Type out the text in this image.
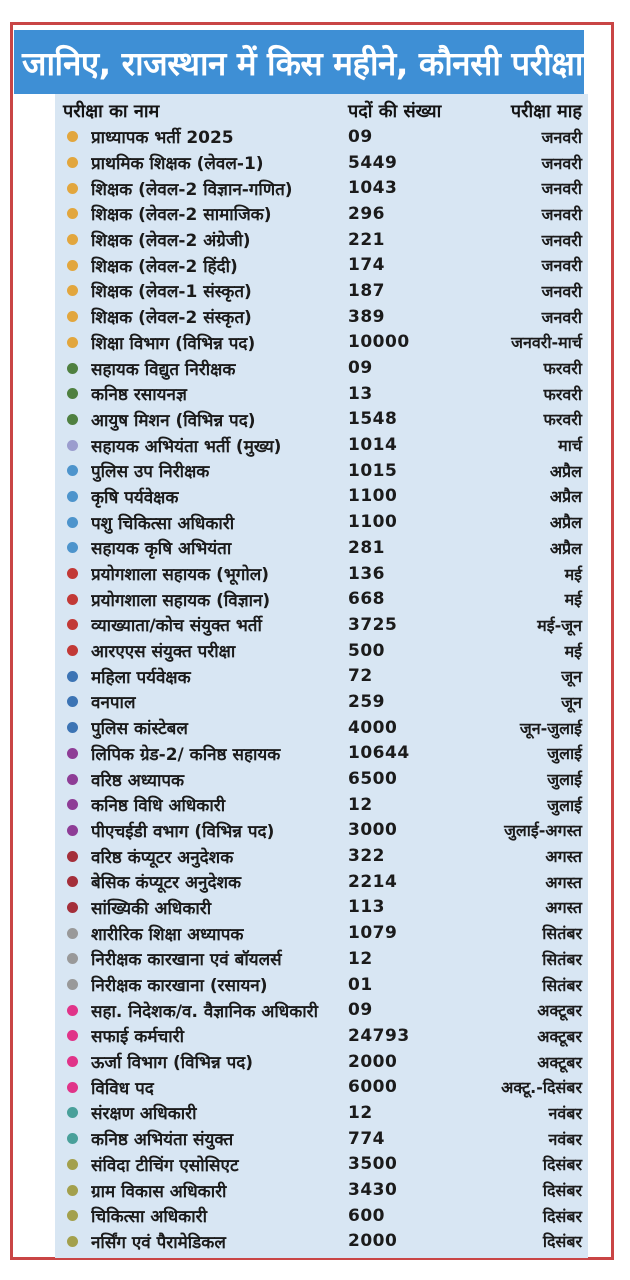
जानिए, राजस्थान में किस महीने, कौनसी परीक्षा
परीक्षा का नाम	पदों की संख्या	परीक्षा माह
प्राध्यापक भर्ती 2025	09	जनवरी
प्राथमिक शिक्षक (लेवल-1)	5449	जनवरी
शिक्षक (लेवल-2 विज्ञान-गणित)	1043	जनवरी
शिक्षक (लेवल-2 सामाजिक)	296	जनवरी
शिक्षक (लेवल-2 अंग्रेजी)	221	जनवरी
शिक्षक (लेवल-2 हिंदी)	174	जनवरी
शिक्षक (लेवल-1 संस्कृत)	187	जनवरी
शिक्षक (लेवल-2 संस्कृत)	389	जनवरी
शिक्षा विभाग (विभिन्न पद)	10000	जनवरी-मार्च
सहायक विद्युत निरीक्षक	09	फरवरी
कनिष्ठ रसायनज्ञ	13	फरवरी
आयुष मिशन (विभिन्न पद)	1548	फरवरी
सहायक अभियंता भर्ती (मुख्य)	1014	मार्च
पुलिस उप निरीक्षक	1015	अप्रैल
कृषि पर्यवेक्षक	1100	अप्रैल
पशु चिकित्सा अधिकारी	1100	अप्रैल
सहायक कृषि अभियंता	281	अप्रैल
प्रयोगशाला सहायक (भूगोल)	136	मई
प्रयोगशाला सहायक (विज्ञान)	668	मई
व्याख्याता/कोच संयुक्त भर्ती	3725	मई-जून
आरएएस संयुक्त परीक्षा	500	मई
महिला पर्यवेक्षक	72	जून
वनपाल	259	जून
पुलिस कांस्टेबल	4000	जून-जुलाई
लिपिक ग्रेड-2/ कनिष्ठ सहायक	10644	जुलाई
वरिष्ठ अध्यापक	6500	जुलाई
कनिष्ठ विधि अधिकारी	12	जुलाई
पीएचईडी वभाग (विभिन्न पद)	3000	जुलाई-अगस्त
वरिष्ठ कंप्यूटर अनुदेशक	322	अगस्त
बेसिक कंप्यूटर अनुदेशक	2214	अगस्त
सांख्यिकी अधिकारी	113	अगस्त
शारीरिक शिक्षा अध्यापक	1079	सितंबर
निरीक्षक कारखाना एवं बॉयलर्स	12	सितंबर
निरीक्षक कारखाना (रसायन)	01	सितंबर
सहा. निदेशक/व. वैज्ञानिक अधिकारी	09	अक्टूबर
सफाई कर्मचारी	24793	अक्टूबर
ऊर्जा विभाग (विभिन्न पद)	2000	अक्टूबर
विविध पद	6000	अक्टू.-दिसंबर
संरक्षण अधिकारी	12	नवंबर
कनिष्ठ अभियंता संयुक्त	774	नवंबर
संविदा टीचिंग एसोसिएट	3500	दिसंबर
ग्राम विकास अधिकारी	3430	दिसंबर
चिकित्सा अधिकारी	600	दिसंबर
नर्सिंग एवं पैरामेडिकल	2000	दिसंबर
